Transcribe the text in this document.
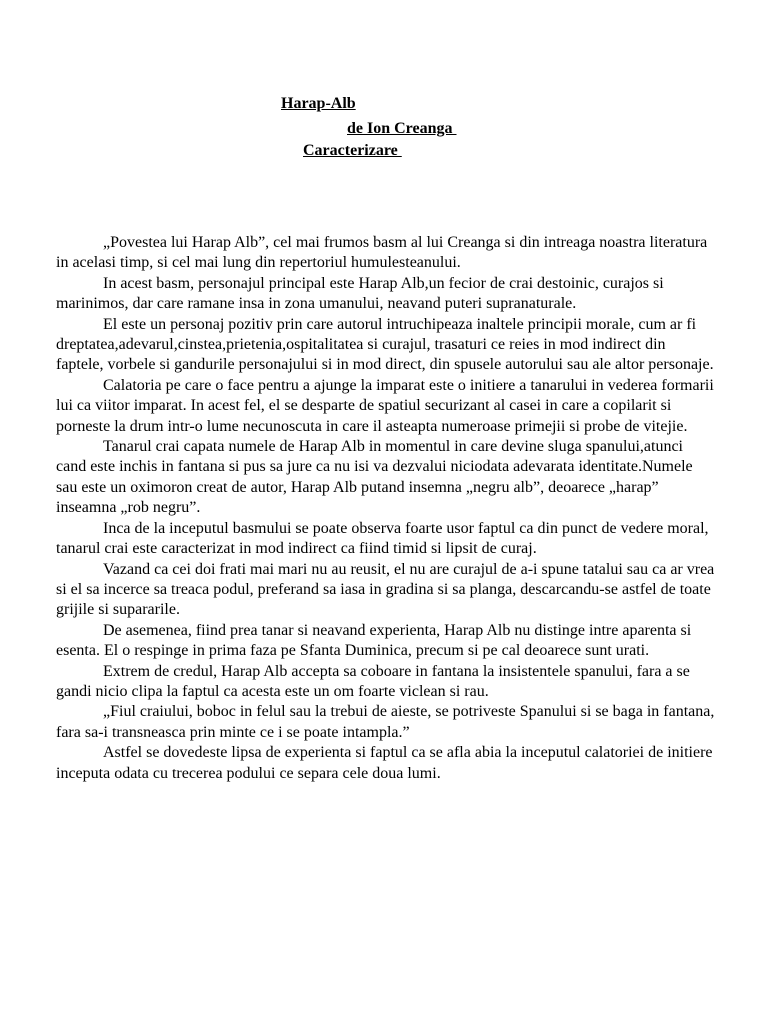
Harap-Alb
de Ion Creanga
Caracterizare

„Povestea lui Harap Alb”, cel mai frumos basm al lui Creanga si din intreaga noastra literatura in acelasi timp, si cel mai lung din repertoriul humulesteanului.

In acest basm, personajul principal este Harap Alb,un fecior de crai destoinic, curajos si marinimos, dar care ramane insa in zona umanului, neavand puteri supranaturale.

El este un personaj pozitiv prin care autorul intruchipeaza inaltele principii morale, cum ar fi dreptatea,adevarul,cinstea,prietenia,ospitalitatea si curajul, trasaturi ce reies in mod indirect din faptele, vorbele si gandurile personajului si in mod direct, din spusele autorului sau ale altor personaje.

Calatoria pe care o face pentru a ajunge la imparat este o initiere a tanarului in vederea formarii lui ca viitor imparat. In acest fel, el se desparte de spatiul securizant al casei in care a copilarit si porneste la drum intr-o lume necunoscuta in care il asteapta numeroase primejii si probe de vitejie.

Tanarul crai capata numele de Harap Alb in momentul in care devine sluga spanului,atunci cand este inchis in fantana si pus sa jure ca nu isi va dezvalui niciodata adevarata identitate.Numele sau este un oximoron creat de autor, Harap Alb putand insemna „negru alb”, deoarece „harap” inseamna „rob negru”.

Inca de la inceputul basmului se poate observa foarte usor faptul ca din punct de vedere moral, tanarul crai este caracterizat in mod indirect ca fiind timid si lipsit de curaj.

Vazand ca cei doi frati mai mari nu au reusit, el nu are curajul de a-i spune tatalui sau ca ar vrea si el sa incerce sa treaca podul, preferand sa iasa in gradina si sa planga, descarcandu-se astfel de toate grijile si supararile.

De asemenea, fiind prea tanar si neavand experienta, Harap Alb nu distinge intre aparenta si esenta. El o respinge in prima faza pe Sfanta Duminica, precum si pe cal deoarece sunt urati.

Extrem de credul, Harap Alb accepta sa coboare in fantana la insistentele spanului, fara a se gandi nicio clipa la faptul ca acesta este un om foarte viclean si rau.

„Fiul craiului, boboc in felul sau la trebui de aieste, se potriveste Spanului si se baga in fantana, fara sa-i transneasca prin minte ce i se poate intampla.”

Astfel se dovedeste lipsa de experienta si faptul ca se afla abia la inceputul calatoriei de initiere inceputa odata cu trecerea podului ce separa cele doua lumi.
